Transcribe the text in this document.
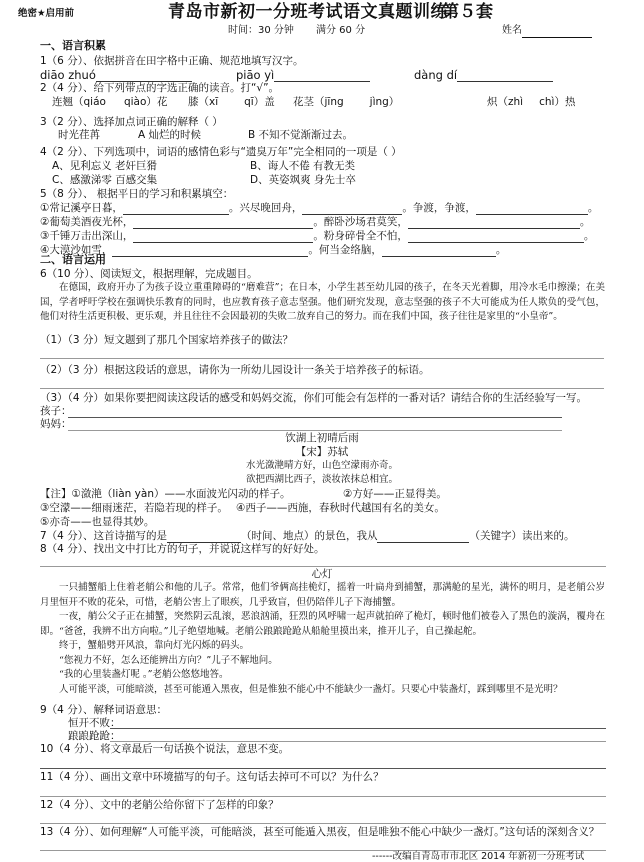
绝密★启用前	青岛市新初一分班考试语文真题训练
第５套
时间：30 分钟 满分 60 分	姓名
一、语言积累
1（6 分）、依据拼音在田字格中正确、规范地填写汉字。
diāo zhuó	piāo yì	dàng dí
2（4 分）、给下列带点的字选正确的读音。打“√”。
连翘（qiáo qiào）花 膝（xī qī）盖 花茎（jīng jìng）	炽（zhì chì）热
3（2 分）、选择加点词正确的解释（ ）
时光荏苒	A 灿烂的时候	B 不知不觉渐渐过去。
4（2 分）、下列选项中，词语的感情色彩与“遗臭万年”完全相同的一项是（ ）
A、见利忘义 老奸巨猾	B、诲人不倦 有教无类
C、感激涕零 百感交集	D、英姿飒爽 身先士卒
5（8 分）、 根据平日的学习和积累填空：
①常记溪亭日暮，	。兴尽晚回舟，	。争渡，争渡，	。
②葡萄美酒夜光杯，	。醉卧沙场君莫笑，	。
③千锤万击出深山，	。粉身碎骨全不怕，	。
④大漠沙如雪，	。何当金络脑，	。
二、语言运用
6（10 分）、阅读短文，根据理解，完成题目。

在德国，政府开办了为孩子设立重重障碍的“磨难营”；在日本，小学生甚至幼儿园的孩子，在冬天光着脚，用冷水毛巾擦澡；在美国，学者呼吁学校在强调快乐教育的同时，也应教育孩子意志坚强。他们研究发现，意志坚强的孩子不大可能成为任人欺负的受气包，他们对待生活更积极、更乐观，并且往往不会因最初的失败二放弃自己的努力。而在我们中国，孩子往往是家里的“小皇帝”。

（1）（3 分）短文题到了那几个国家培养孩子的做法？
（2）（3 分）根据这段话的意思，请你为一所幼儿园设计一条关于培养孩子的标语。
（3）（4 分）如果你要把阅读这段话的感受和妈妈交流，你们可能会有怎样的一番对话？请结合你的生活经验写一写。
孩子：
妈妈：
饮湖上初晴后雨
【宋】苏轼
水光潋滟晴方好，山色空濛雨亦奇。
欲把西湖比西子，淡妆浓抹总相宜。
【注】①潋滟（liàn yàn）——水面波光闪动的样子。	②方好——正显得美。
③空濛——细雨迷茫，若隐若现的样子。 ④西子——西施，春秋时代越国有名的美女。
⑤亦奇——也显得其妙。
7（4 分）、这首诗描写的是	（时间、地点）的景色，我从	（关键字）读出来的。
8（4 分）、找出文中打比方的句子，并说说这样写的好好处。
心灯

一只捕蟹船上住着老艄公和他的儿子。常常，他们爷俩高挂桅灯，摇着一叶扁舟到捕蟹，那满舱的星光，满怀的明月，是老艄公岁月里恒开不败的花朵，可惜，老艄公害上了眼疾，几乎致盲，但仍陪伴儿子下海捕蟹。

一夜，艄公父子正在捕蟹，突然阴云乱滚，恶浪汹涌，狂烈的风呼啸一起声就拍碎了桅灯，顿时他们被卷入了黑色的漩涡，覆舟在即。“爸爸，我辨不出方向啦。”儿子绝望地喊。老艄公踉踉跄跄从船舱里摸出来，推开儿子，自己操起舵。

终于，蟹船劈开风浪，靠向灯光闪烁的码头。

“您视力不好，怎么还能辨出方向？”儿子不解地问。

“我的心里装盏灯呢 。”老艄公悠悠地答。

人可能平淡，可能暗淡，甚至可能遁入黑夜，但是惟独不能心中不能缺少一盏灯。只要心中装盏灯，踩到哪里不是光明？

9（4 分）、解释词语意思：
恒开不败：
踉踉跄跄：
10（4 分）、将文章最后一句话换个说法，意思不变。
11（4 分）、画出文章中环境描写的句子。这句话去掉可不可以？为什么？
12（4 分）、文中的老艄公给你留下了怎样的印象？
13（4 分）、如何理解“人可能平淡，可能暗淡，甚至可能遁入黑夜，但是唯独不能心中缺少一盏灯。”这句话的深刻含义？
------改编自青岛市市北区 2014 年新初一分班考试
